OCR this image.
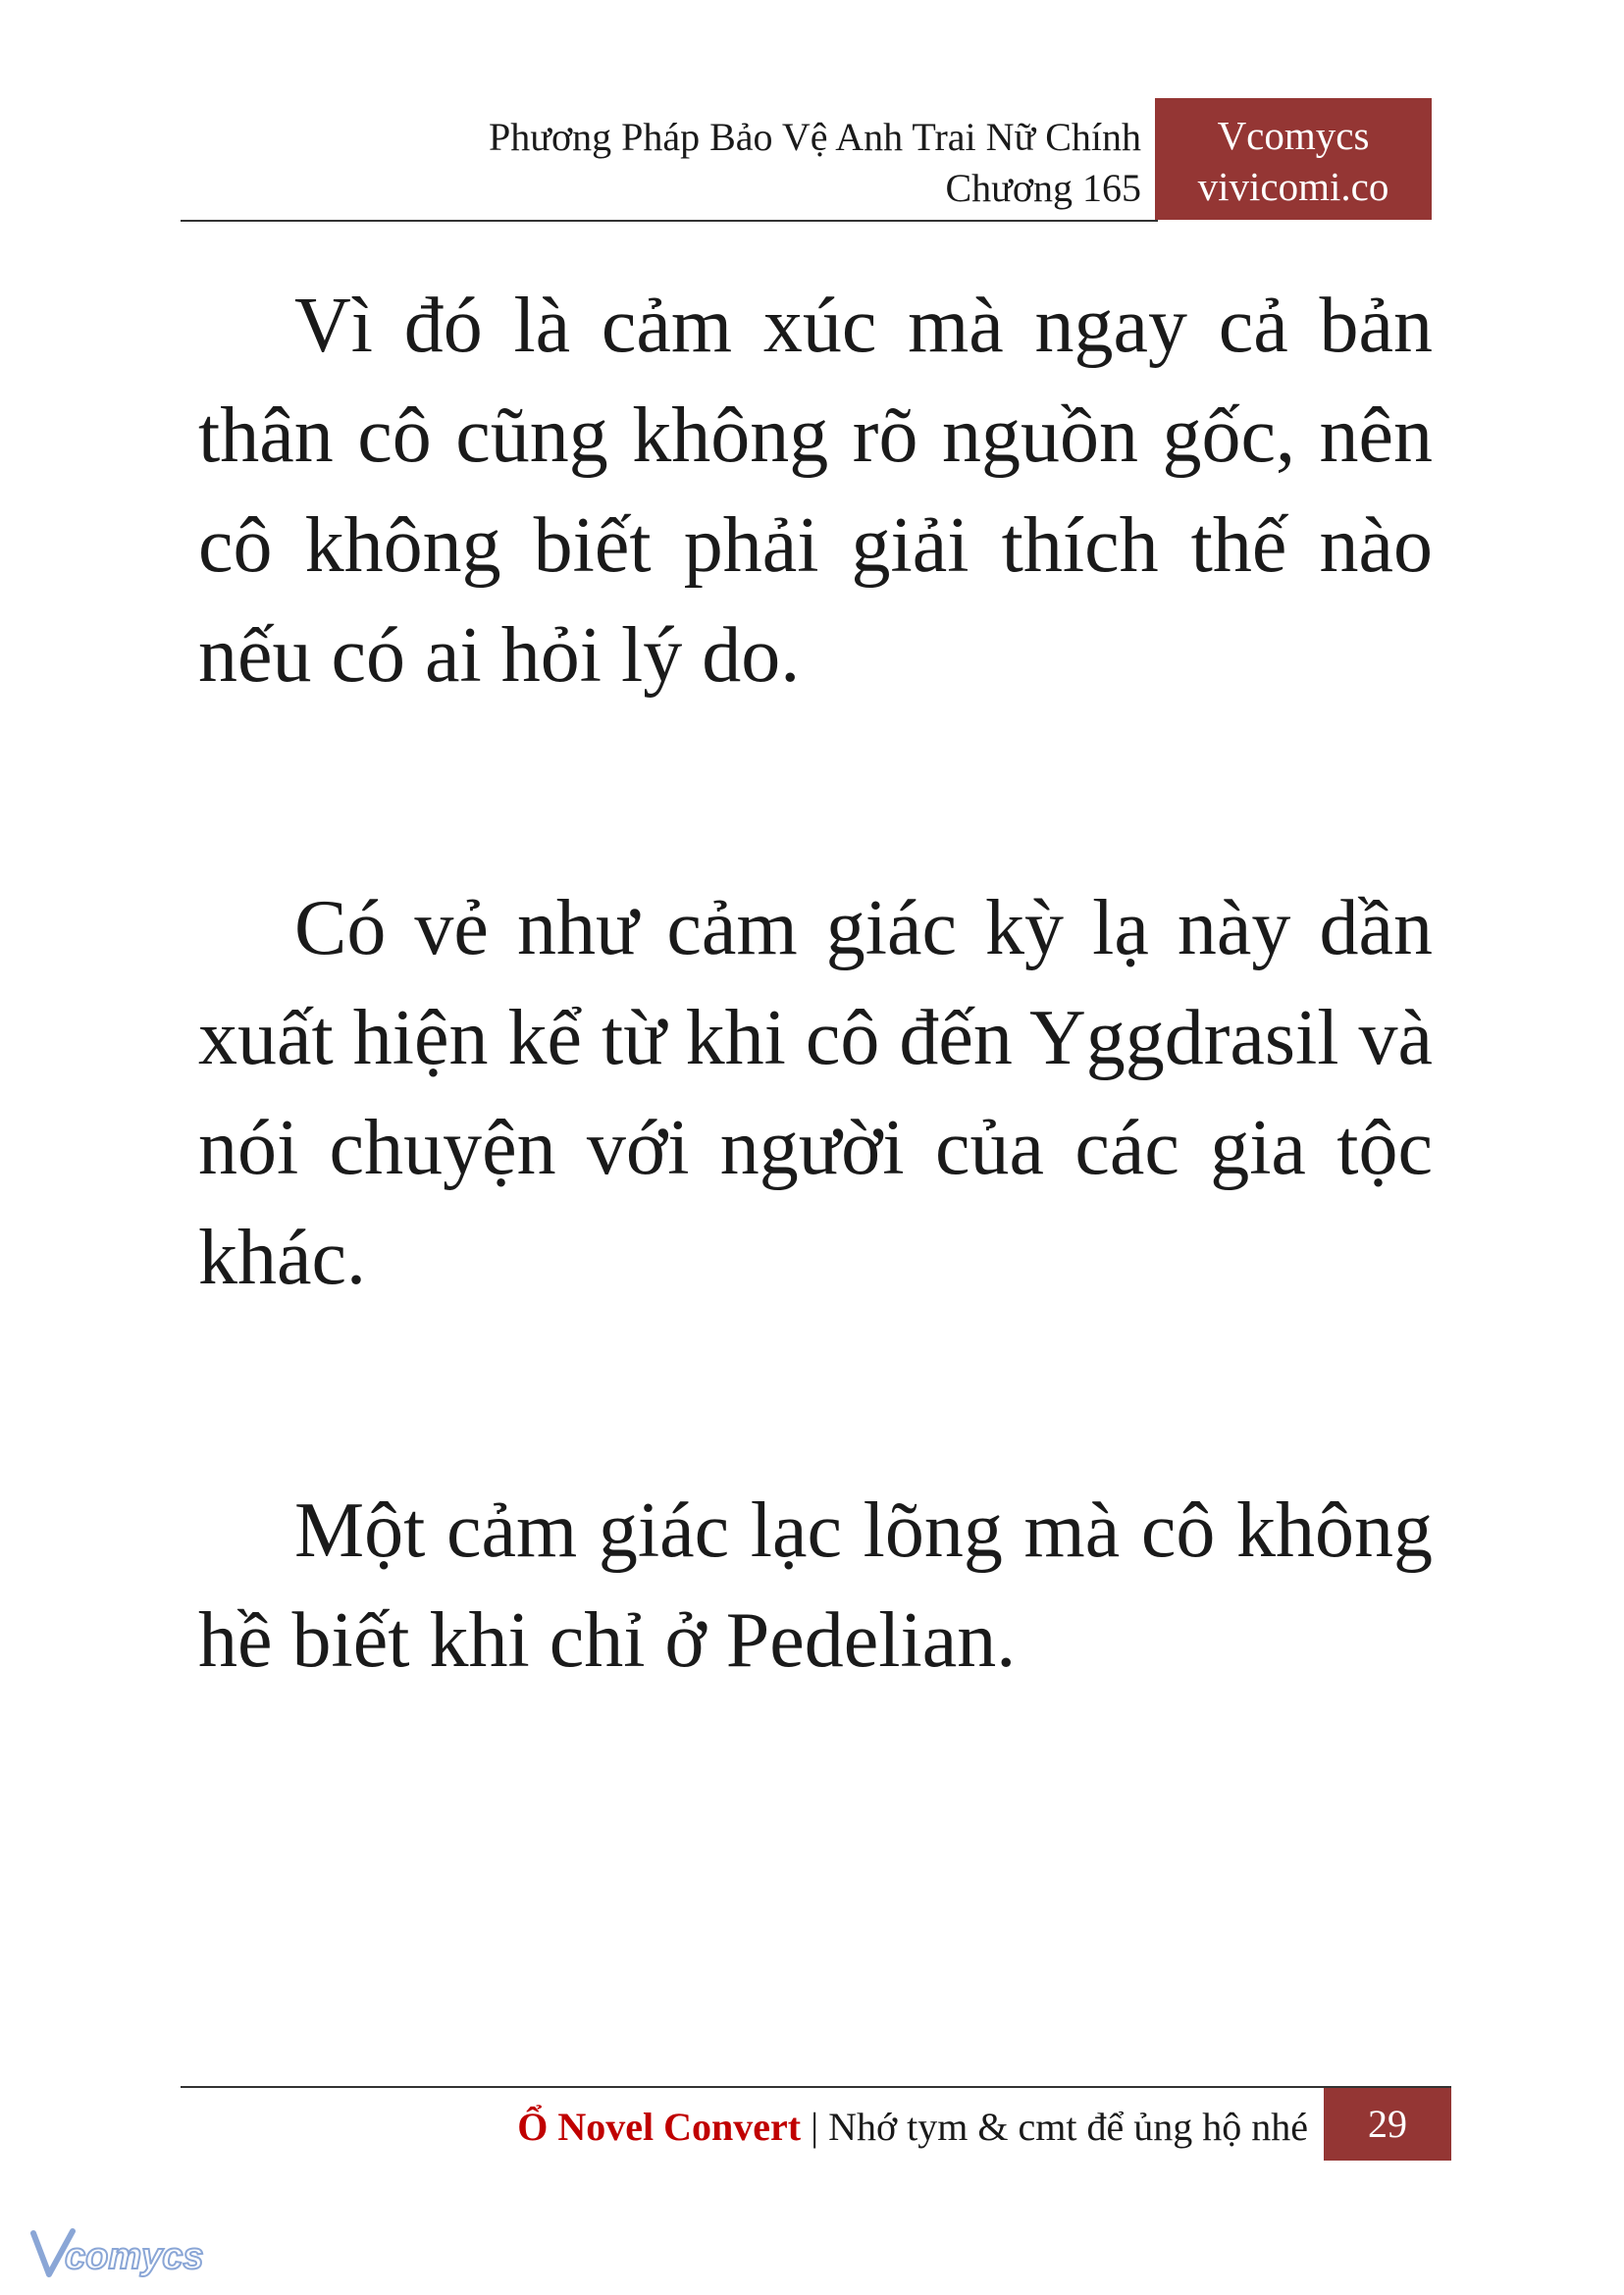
Phương Pháp Bảo Vệ Anh Trai Nữ Chính
Chương 165
Vcomycs
vivicomi.co

Vì đó là cảm xúc mà ngay cả bản thân cô cũng không rõ nguồn gốc, nên cô không biết phải giải thích thế nào nếu có ai hỏi lý do.

Có vẻ như cảm giác kỳ lạ này dần xuất hiện kể từ khi cô đến Yggdrasil và nói chuyện với người của các gia tộc khác.

Một cảm giác lạc lõng mà cô không hề biết khi chỉ ở Pedelian.

Ổ Novel Convert | Nhớ tym & cmt để ủng hộ nhé	29
comycs
